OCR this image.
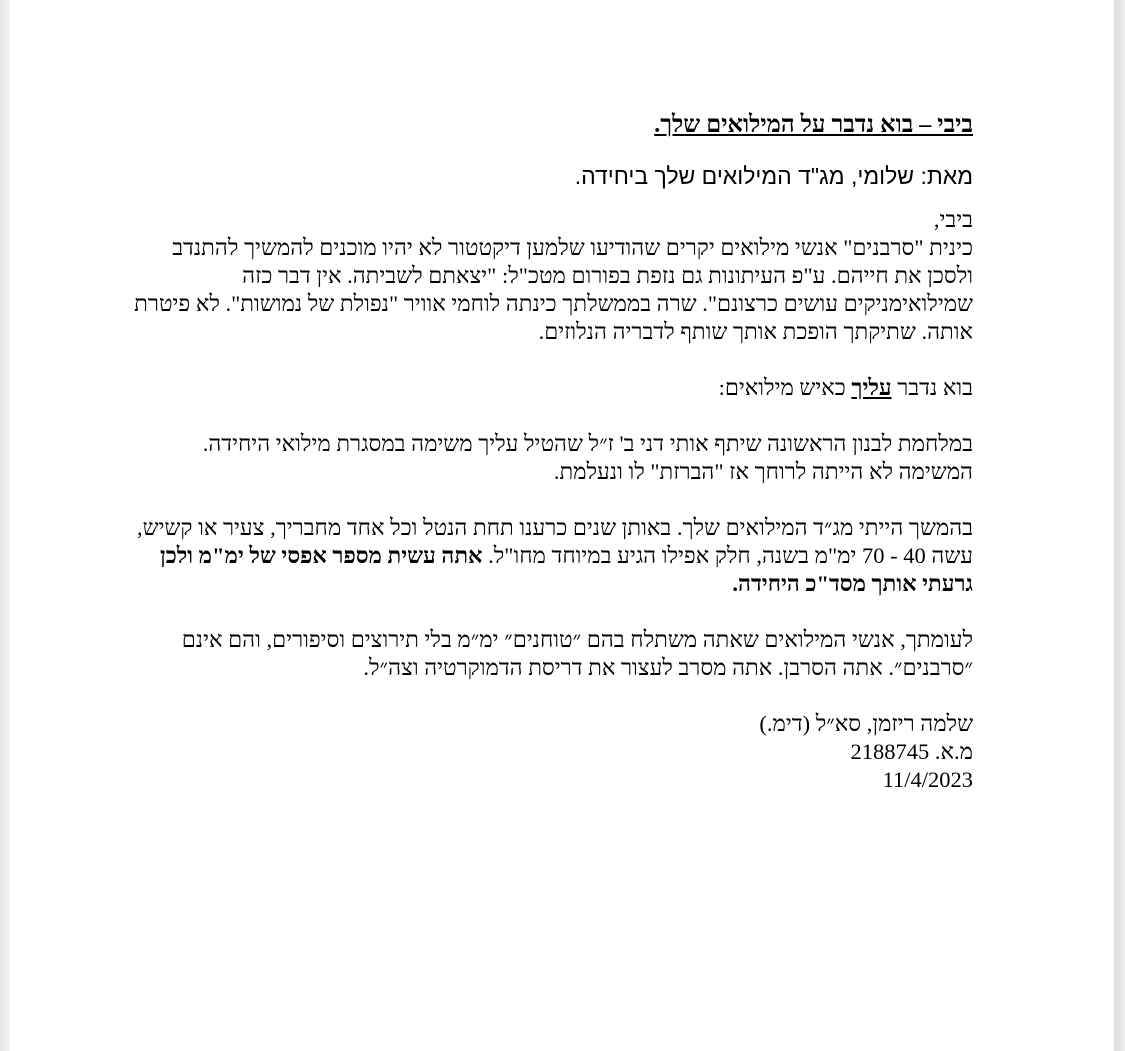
ביבי – בוא נדבר על המילואים שלך.

מאת: שלומי, מג"ד המילואים שלך ביחידה.

ביבי,

כינית "סרבנים" אנשי מילואים יקרים שהודיעו שלמען דיקטטור לא יהיו מוכנים להמשיך להתנדב ולסכן את חייהם. ע"פ העיתונות גם נזפת בפורום מטכ"ל: "יצאתם לשביתה. אין דבר כזה שמילואימניקים עושים כרצונם". שרה בממשלתך כינתה לוחמי אוויר "נפולת של נמושות". לא פיטרת אותה. שתיקתך הופכת אותך שותף לדבריה הנלוזים.

בוא נדבר עליך כאיש מילואים:

במלחמת לבנון הראשונה שיתף אותי דני ב' ז״ל שהטיל עליך משימה במסגרת מילואי היחידה. המשימה לא הייתה לרוחך אז "הברזת" לו ונעלמת.

בהמשך הייתי מג״ד המילואים שלך. באותן שנים כרענו תחת הנטל וכל אחד מחבריך, צעיר או קשיש, עשה 40 - 70 ימ"מ בשנה, חלק אפילו הגיע במיוחד מחו"ל. אתה עשית מספר אפסי של ימ"מ ולכן גרעתי אותך מסד"כ היחידה.

לעומתך, אנשי המילואים שאתה משתלח בהם ״טוחנים״ ימ״מ בלי תירוצים וסיפורים, והם אינם ״סרבנים״. אתה הסרבן. אתה מסרב לעצור את דריסת הדמוקרטיה וצה״ל.

שלמה ריזמן, סא״ל (דימ.)

מ.א. 2188745

11/4/2023
